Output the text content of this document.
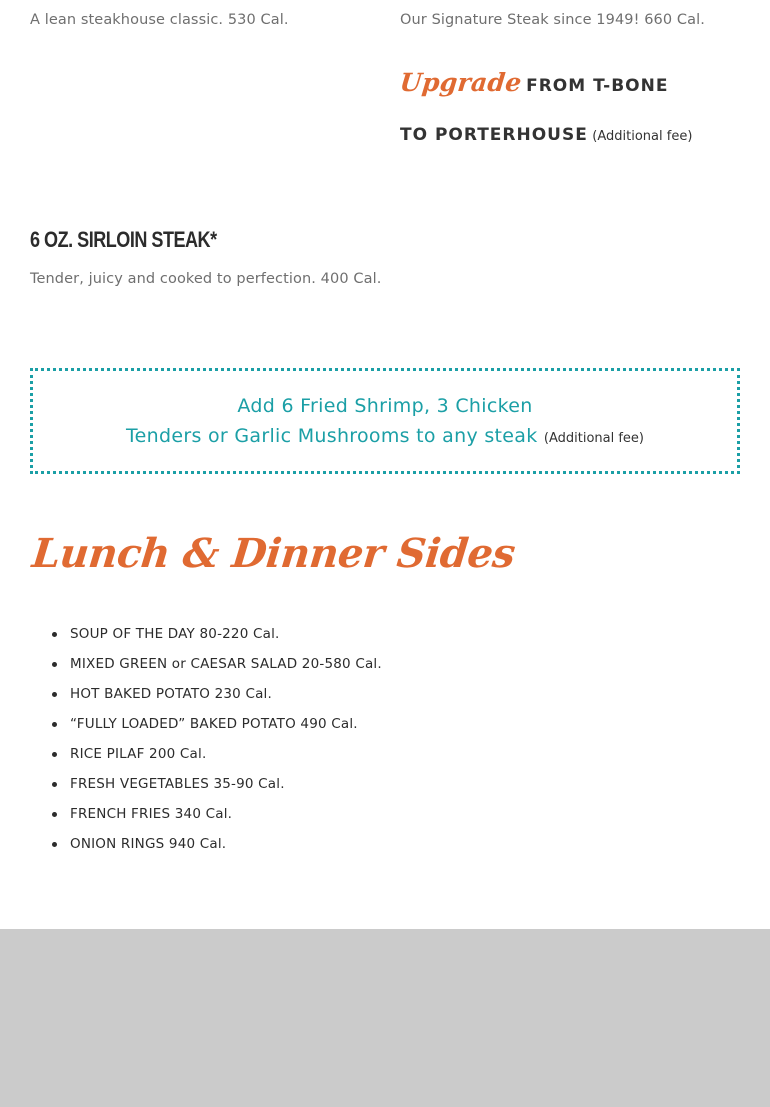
A lean steakhouse classic. 530 Cal.	Our Signature Steak since 1949! 660 Cal.
Upgrade FROM T-BONE TO PORTERHOUSE (Additional fee)
6 OZ. SIRLOIN STEAK*
Tender, juicy and cooked to perfection. 400 Cal.
Add 6 Fried Shrimp, 3 Chicken
Tenders or Garlic Mushrooms to any steak (Additional fee)
Lunch & Dinner Sides
SOUP OF THE DAY 80-220 Cal.
MIXED GREEN or CAESAR SALAD 20-580 Cal.
HOT BAKED POTATO 230 Cal.
“FULLY LOADED” BAKED POTATO 490 Cal.
RICE PILAF 200 Cal.
FRESH VEGETABLES 35-90 Cal.
FRENCH FRIES 340 Cal.
ONION RINGS 940 Cal.
